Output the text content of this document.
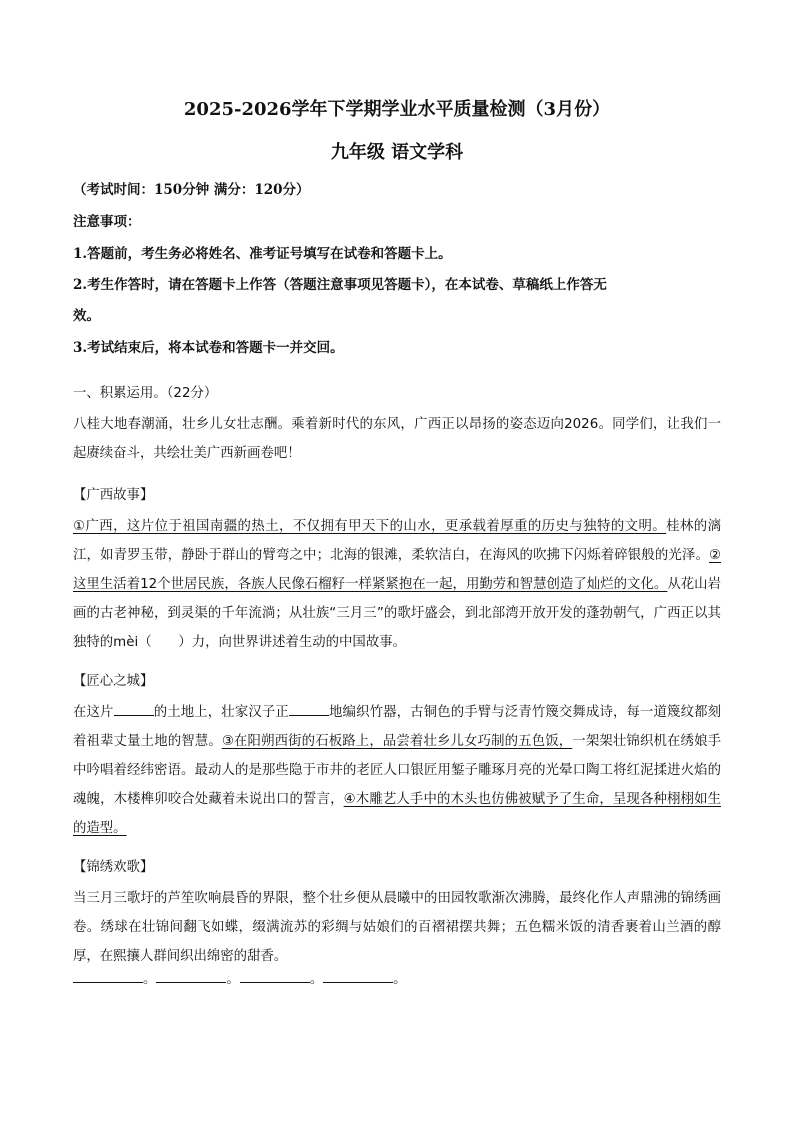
2025-2026学年下学期学业水平质量检测（3月份）
九年级 语文学科
（考试时间：150分钟 满分：120分）
注意事项：
1.答题前，考生务必将姓名、准考证号填写在试卷和答题卡上。
2.考生作答时，请在答题卡上作答（答题注意事项见答题卡），在本试卷、草稿纸上作答无
效。
3.考试结束后，将本试卷和答题卡一并交回。
一、积累运用。（22分）
八桂大地春潮涌，壮乡儿女壮志酬。乘着新时代的东风，广西正以昂扬的姿态迈向2026。同学们，让我们一起赓续奋斗，共绘壮美广西新画卷吧！
【广西故事】
①广西，这片位于祖国南疆的热土，不仅拥有甲天下的山水，更承载着厚重的历史与独特的文明。桂林的漓江，如青罗玉带，静卧于群山的臂弯之中；北海的银滩，柔软洁白，在海风的吹拂下闪烁着碎银般的光泽。②这里生活着12个世居民族，各族人民像石榴籽一样紧紧抱在一起，用勤劳和智慧创造了灿烂的文化。从花山岩画的古老神秘，到灵渠的千年流淌；从壮族“三月三”的歌圩盛会，到北部湾开放开发的蓬勃朝气，广西正以其独特的mèi（　　）力，向世界讲述着生动的中国故事。
【匠心之城】
在这片	的土地上，壮家汉子正	地编织竹器，古铜色的手臂与泛青竹篾交舞成诗，每一道篾纹都刻着祖辈丈量土地的智慧。③在阳朔西街的石板路上，品尝着壮乡儿女巧制的五色饭，一架架壮锦织机在绣娘手中吟唱着经纬密语。最动人的是那些隐于市井的老匠人口银匠用錾子雕琢月亮的光晕口陶工将红泥揉进火焰的魂魄，木楼榫卯咬合处藏着未说出口的誓言，④木雕艺人手中的木头也仿佛被赋予了生命，呈现各种栩栩如生的造型。
【锦绣欢歌】
当三月三歌圩的芦笙吹响晨昏的界限，整个壮乡便从晨曦中的田园牧歌渐次沸腾，最终化作人声鼎沸的锦绣画卷。绣球在壮锦间翻飞如蝶，缀满流苏的彩绸与姑娘们的百褶裙摆共舞；五色糯米饭的清香裹着山兰酒的醇厚，在熙攘人群间织出绵密的甜香。
。	。	。	。
